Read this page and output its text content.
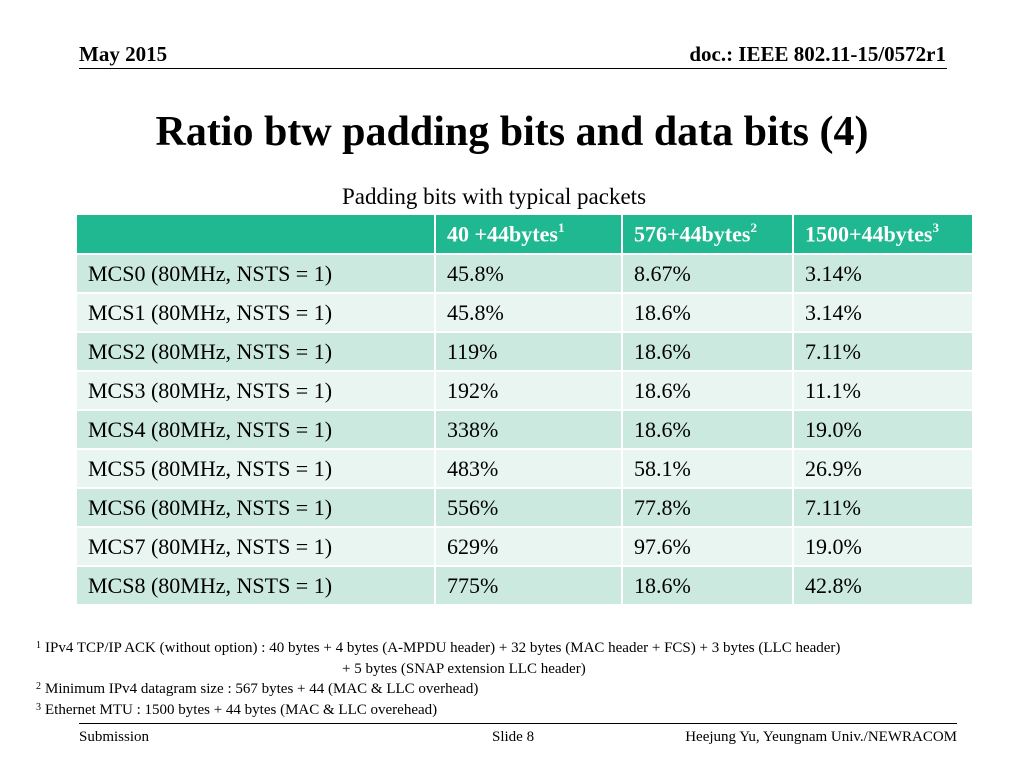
May 2015	doc.: IEEE 802.11-15/0572r1
Ratio btw padding bits and data bits (4)
Padding bits with typical packets
	40 +44bytes$^1$	576+44bytes$^2$	1500+44bytes$^3$
MCS0 (80MHz, NSTS = 1)	45.8%	8.67%	3.14%
MCS1 (80MHz, NSTS = 1)	45.8%	18.6%	3.14%
MCS2 (80MHz, NSTS = 1)	119%	18.6%	7.11%
MCS3 (80MHz, NSTS = 1)	192%	18.6%	11.1%
MCS4 (80MHz, NSTS = 1)	338%	18.6%	19.0%
MCS5 (80MHz, NSTS = 1)	483%	58.1%	26.9%
MCS6 (80MHz, NSTS = 1)	556%	77.8%	7.11%
MCS7 (80MHz, NSTS = 1)	629%	97.6%	19.0%
MCS8 (80MHz, NSTS = 1)	775%	18.6%	42.8%
$^1$ IPv4 TCP/IP ACK (without option) : 40 bytes + 4 bytes (A-MPDU header) + 32 bytes (MAC header + FCS) + 3 bytes (LLC header)
+ 5 bytes (SNAP extension LLC header)
$^2$ Minimum IPv4 datagram size : 567 bytes + 44 (MAC & LLC overhead)
$^3$ Ethernet MTU : 1500 bytes + 44 bytes (MAC & LLC overehead)
Submission	Slide 8	Heejung Yu, Yeungnam Univ./NEWRACOM
